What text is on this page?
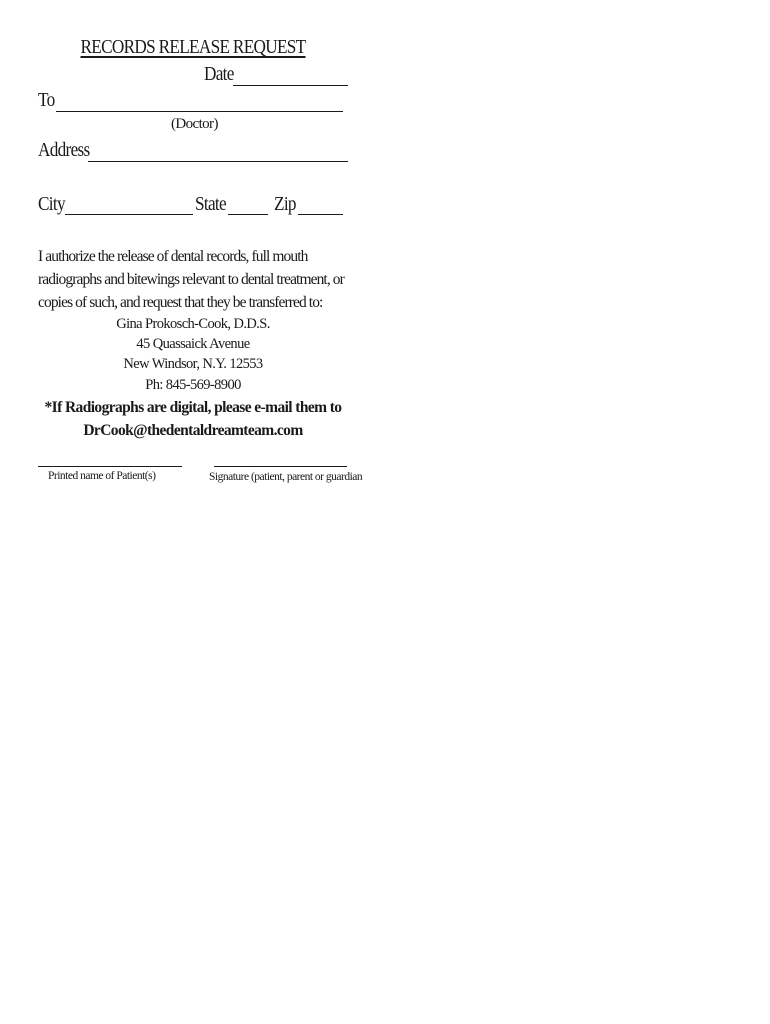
RECORDS RELEASE REQUEST
Date
To
(Doctor)
Address
City	State Zip
I authorize the release of dental records, full mouth radiographs and bitewings relevant to dental treatment, or copies of such, and request that they be transferred to:
Gina Prokosch-Cook, D.D.S.
45 Quassaick Avenue
New Windsor, N.Y. 12553
Ph: 845-569-8900
*If Radiographs are digital, please e-mail them to
DrCook@thedentaldreamteam.com
Printed name of Patient(s)	Signature (patient, parent or guardian
